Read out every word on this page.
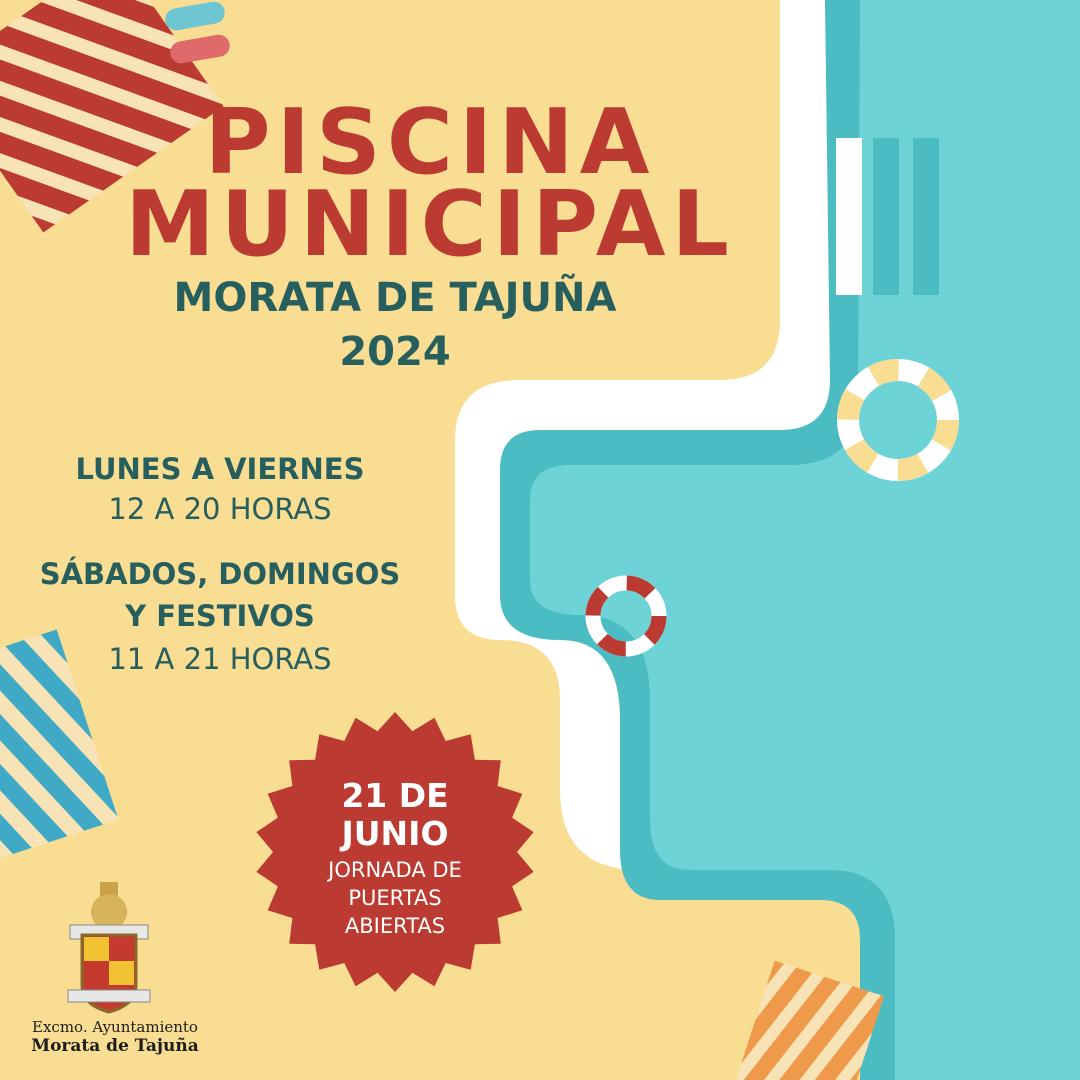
PISCINA
MUNICIPAL
MORATA DE TAJUÑA
2024
LUNES A VIERNES
12 A 20 HORAS
SÁBADOS, DOMINGOS
Y FESTIVOS
11 A 21 HORAS
21 DE
JUNIO
JORNADA DE
PUERTAS
ABIERTAS
Excmo. Ayuntamiento
Morata de Tajuña
